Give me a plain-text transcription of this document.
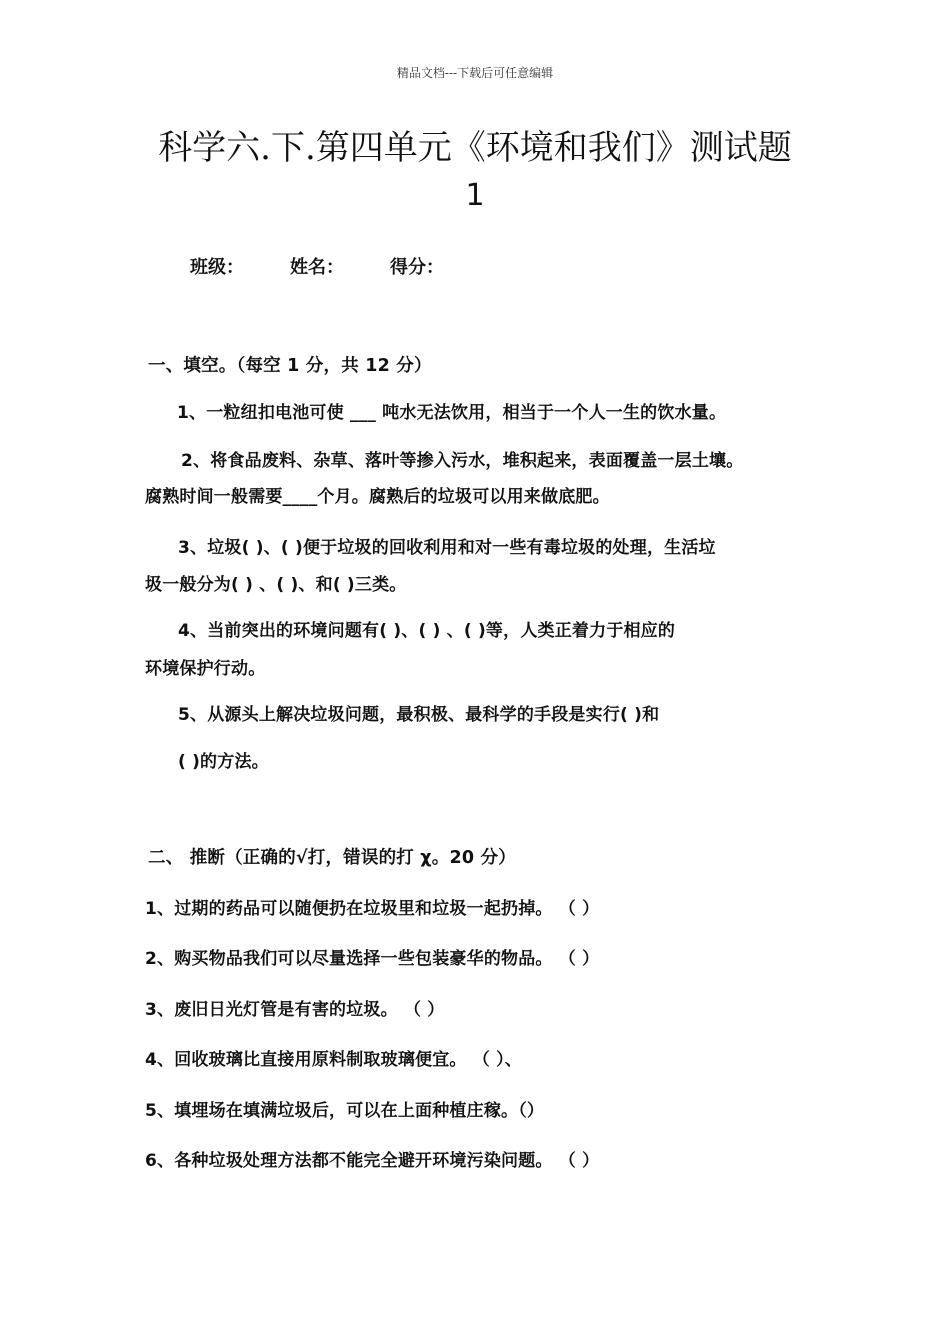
精品文档---下载后可任意编辑
科学六.下.第四单元《环境和我们》测试题
1
班级：	姓名：	得分：
一、填空。（每空 1 分，共 12 分）
1、一粒纽扣电池可使 ___ 吨水无法饮用，相当于一个人一生的饮水量。
2、将食品废料、杂草、落叶等掺入污水，堆积起来，表面覆盖一层土壤。
腐熟时间一般需要____个月。腐熟后的垃圾可以用来做底肥。
3、垃圾( )、( )便于垃圾的回收利用和对一些有毒垃圾的处理，生活垃
圾一般分为( ) 、( )、和( )三类。
4、当前突出的环境问题有( )、( ) 、( )等，人类正着力于相应的
环境保护行动。
5、从源头上解决垃圾问题，最积极、最科学的手段是实行( )和
( )的方法。
二、 推断（正确的√打，错误的打 χ。20 分）
1、过期的药品可以随便扔在垃圾里和垃圾一起扔掉。 （ ）
2、购买物品我们可以尽量选择一些包装豪华的物品。 （ ）
3、废旧日光灯管是有害的垃圾。 （ ）
4、回收玻璃比直接用原料制取玻璃便宜。 （ ）、
5、填埋场在填满垃圾后，可以在上面种植庄稼。（）
6、各种垃圾处理方法都不能完全避开环境污染问题。 （ ）
